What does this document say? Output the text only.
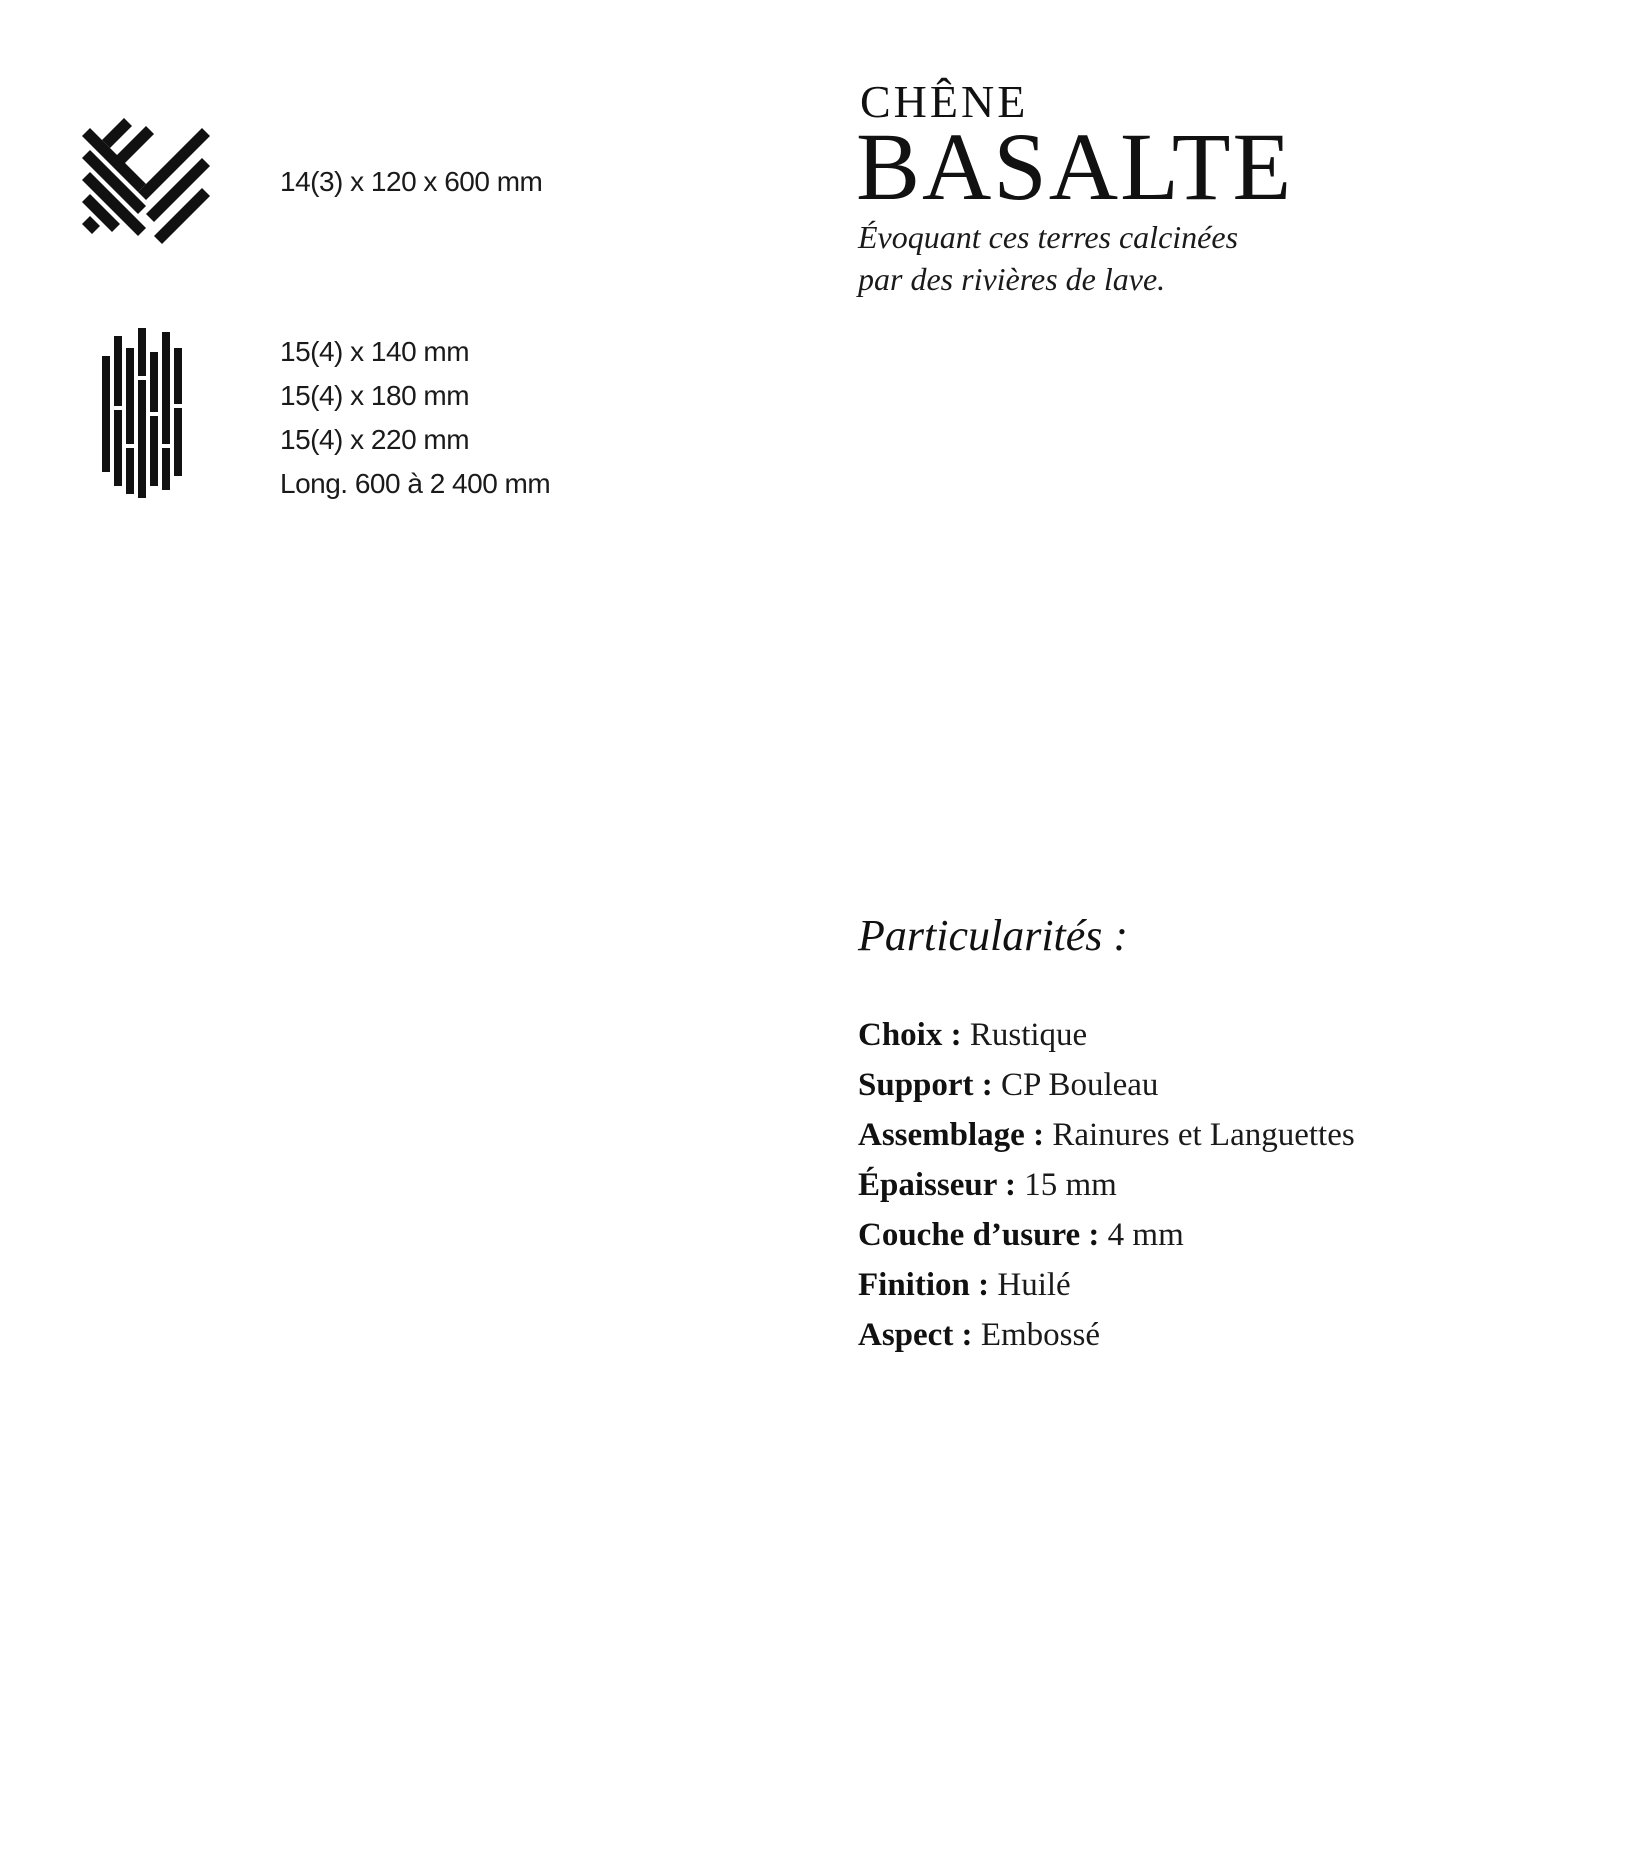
14(3) x 120 x 600 mm
15(4) x 140 mm
15(4) x 180 mm
15(4) x 220 mm
Long. 600 à 2 400 mm
CHÊNE
BASALTE
Évoquant ces terres calcinées
par des rivières de lave.
Particularités :
Choix : Rustique
Support : CP Bouleau
Assemblage : Rainures et Languettes
Épaisseur : 15 mm
Couche d’usure : 4 mm
Finition : Huilé
Aspect : Embossé
